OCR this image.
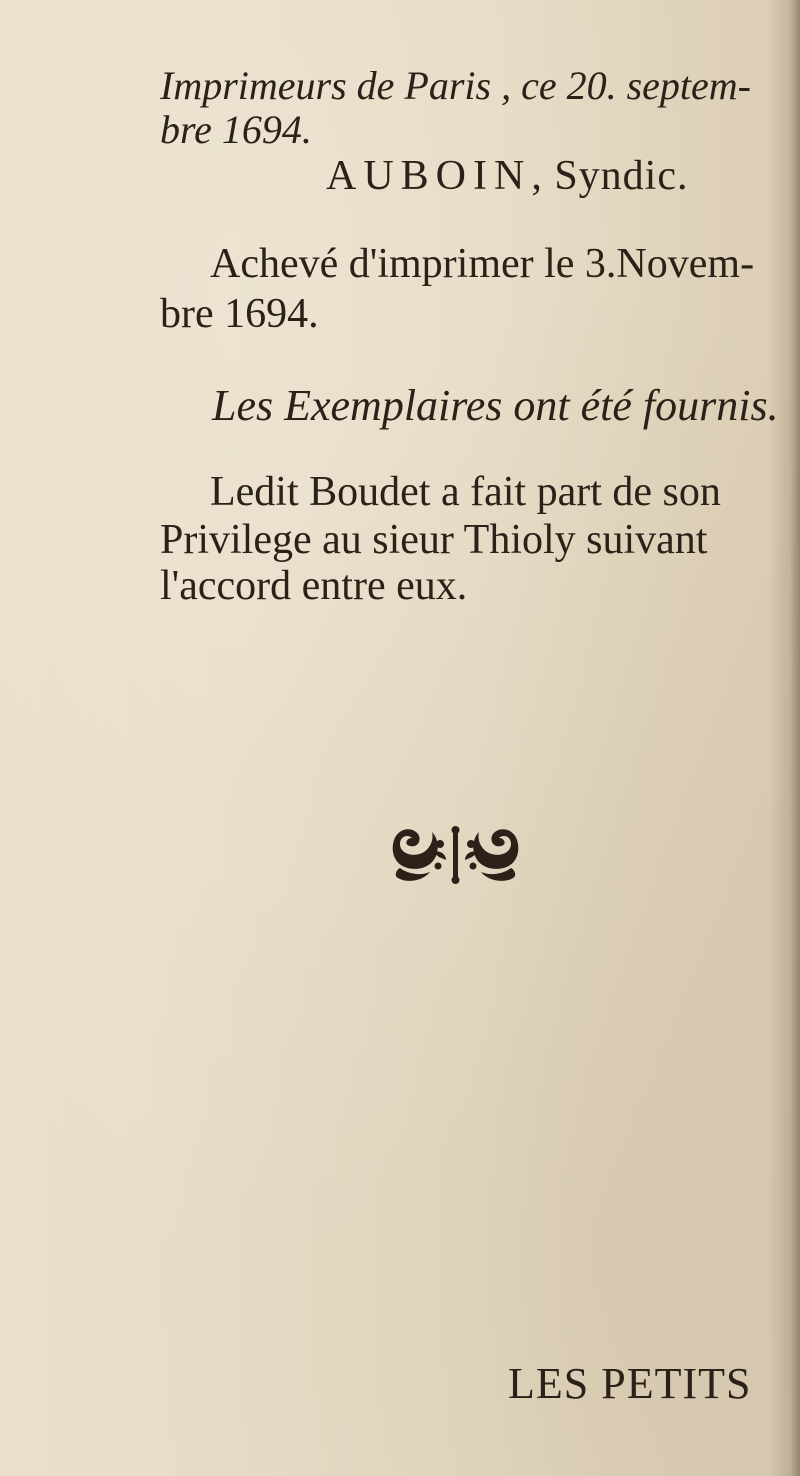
Imprimeurs de Paris , ce 20. septem-
bre 1694.
AUBOIN, Syndic.
Achevé d'imprimer le 3.Novem-
bre 1694.
Les Exemplaires ont été fournis.
Ledit Boudet a fait part de son
Privilege au sieur Thioly suivant
l'accord entre eux.
LES PETITS
